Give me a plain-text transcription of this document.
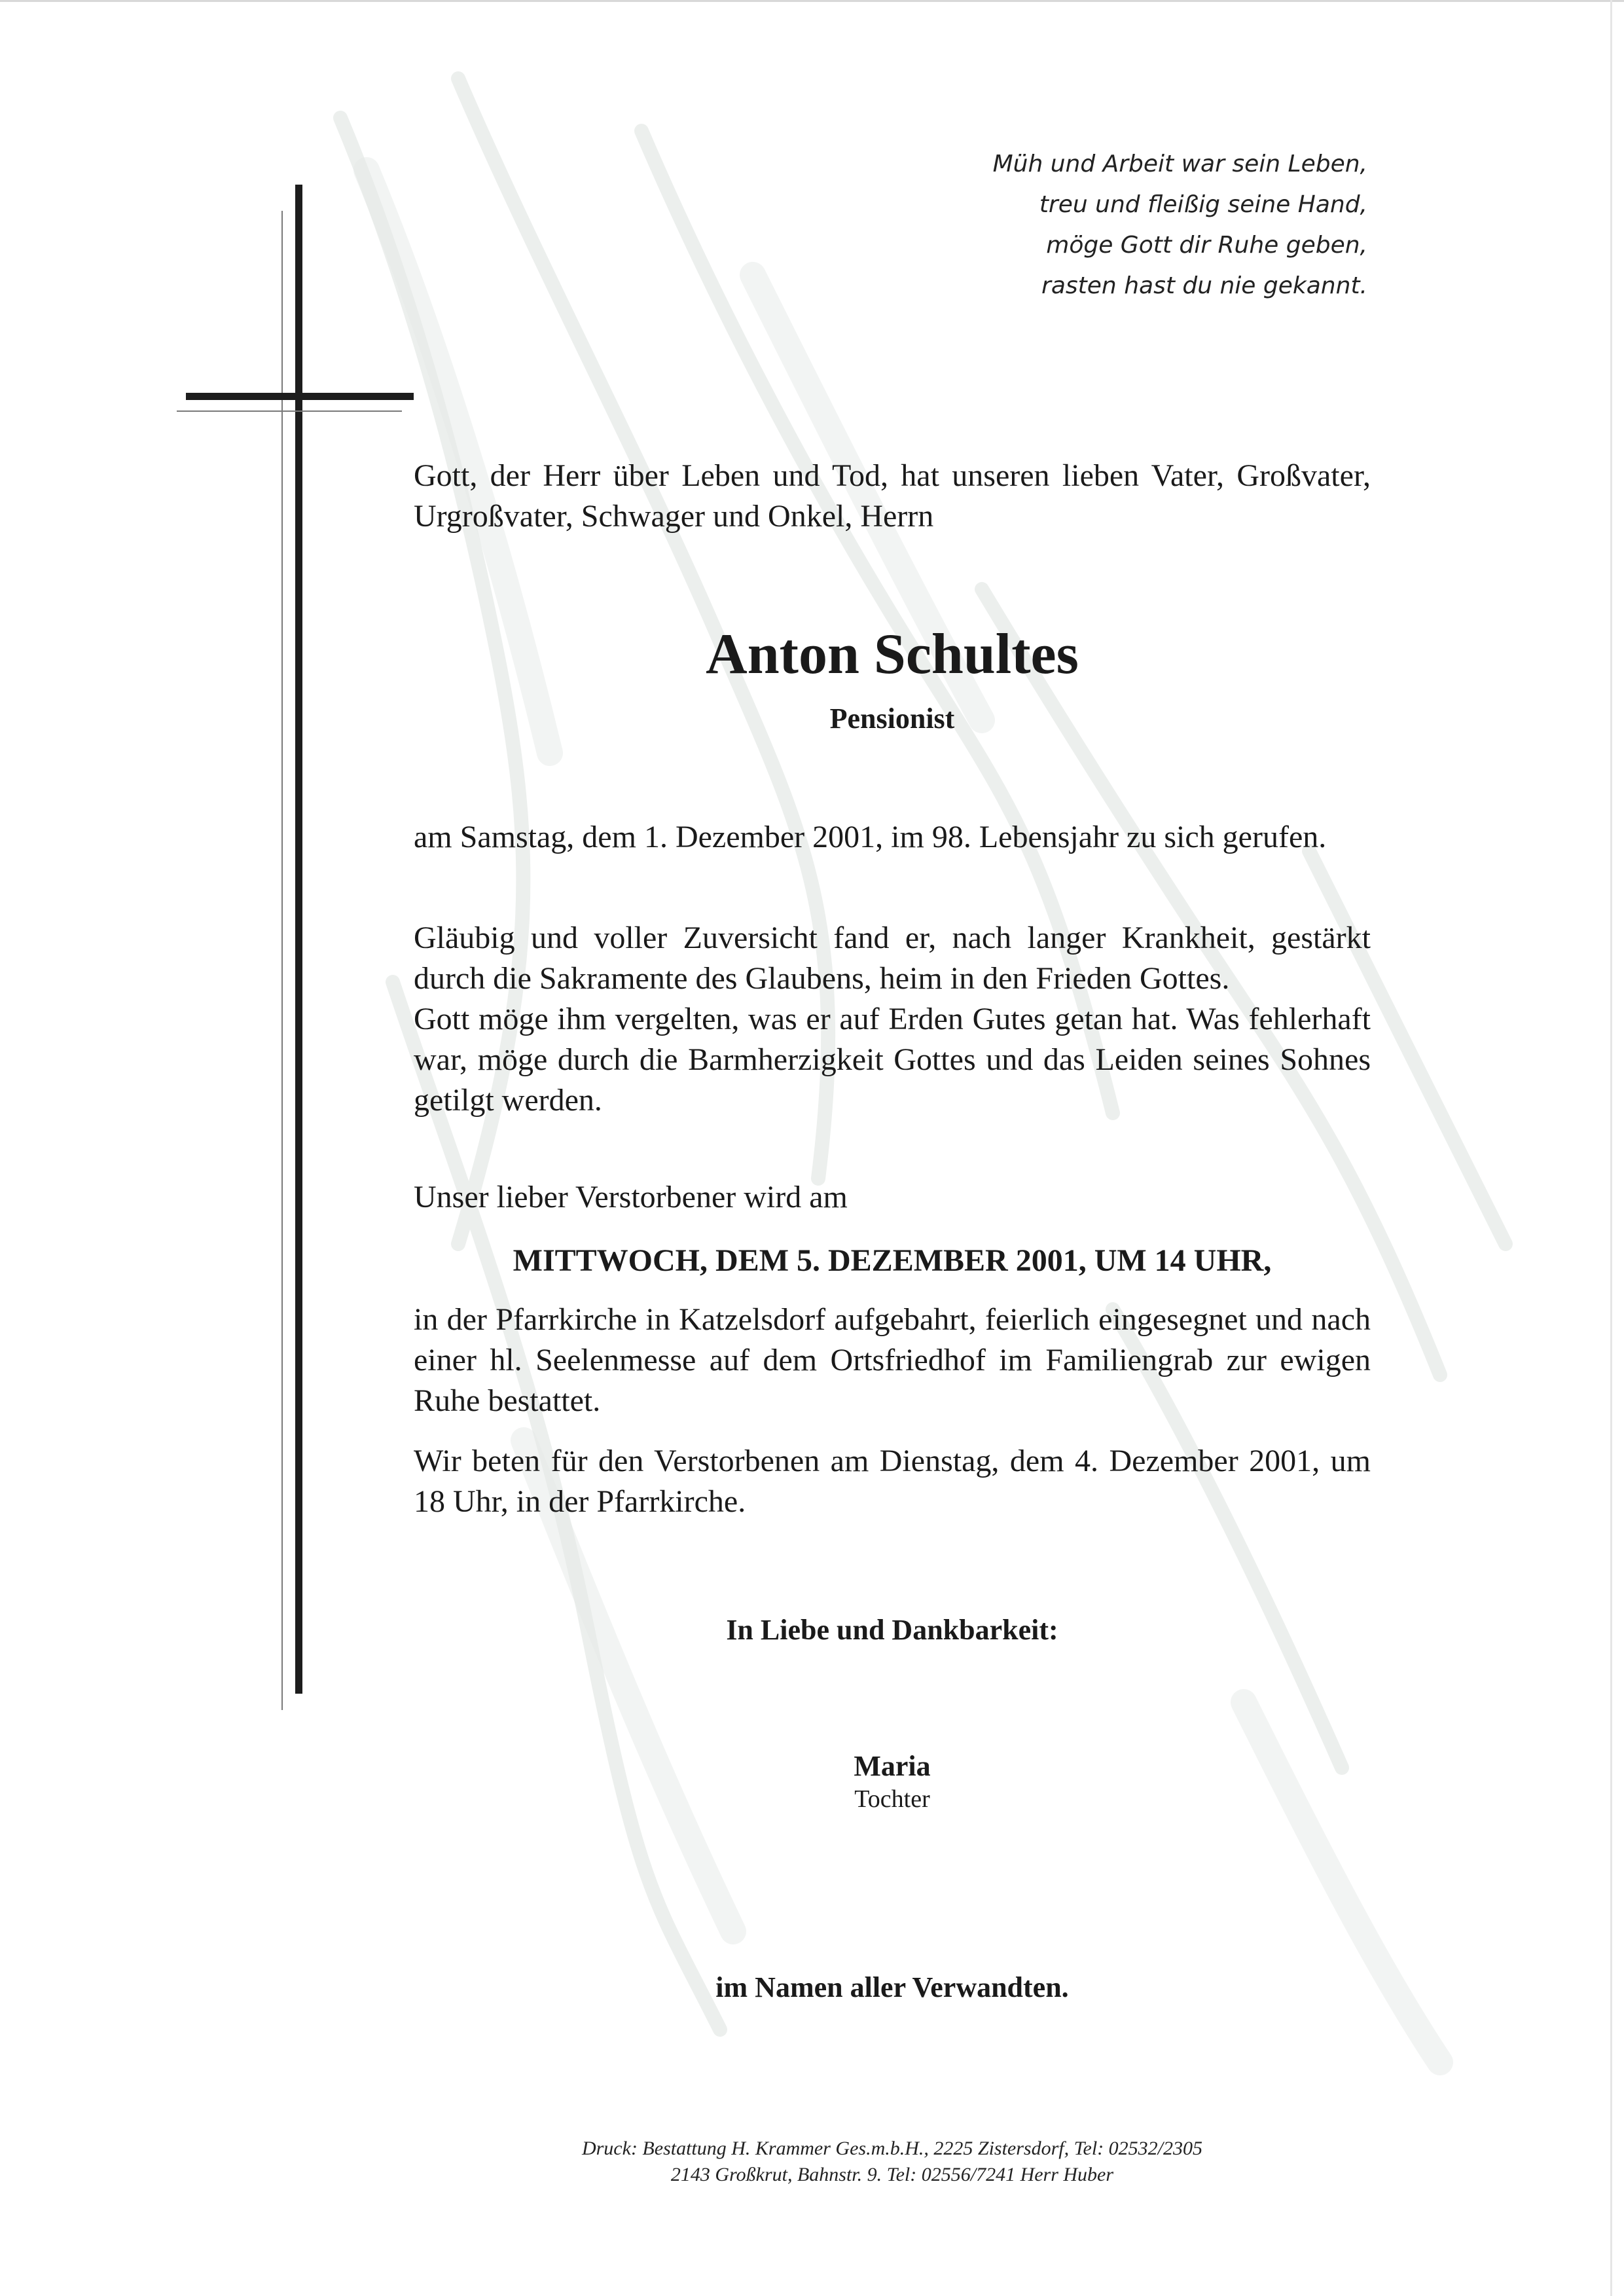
Müh und Arbeit war sein Leben,
treu und fleißig seine Hand,
möge Gott dir Ruhe geben,
rasten hast du nie gekannt.

Gott, der Herr über Leben und Tod, hat unseren lieben Vater, Großvater, Urgroßvater, Schwager und Onkel, Herrn

Anton Schultes
Pensionist

am Samstag, dem 1. Dezember 2001, im 98. Lebensjahr zu sich gerufen.

Gläubig und voller Zuversicht fand er, nach langer Krankheit, gestärkt durch die Sakramente des Glaubens, heim in den Frieden Gottes.

Gott möge ihm vergelten, was er auf Erden Gutes getan hat. Was fehlerhaft war, möge durch die Barmherzigkeit Gottes und das Leiden seines Sohnes getilgt werden.

Unser lieber Verstorbener wird am

MITTWOCH, DEM 5. DEZEMBER 2001, UM 14 UHR,

in der Pfarrkirche in Katzelsdorf aufgebahrt, feierlich eingesegnet und nach einer hl. Seelenmesse auf dem Ortsfriedhof im Familiengrab zur ewigen Ruhe bestattet.

Wir beten für den Verstorbenen am Dienstag, dem 4. Dezember 2001, um 18 Uhr, in der Pfarrkirche.

In Liebe und Dankbarkeit:
Maria
Tochter
im Namen aller Verwandten.
Druck: Bestattung H. Krammer Ges.m.b.H., 2225 Zistersdorf, Tel: 02532/2305
2143 Großkrut, Bahnstr. 9. Tel: 02556/7241 Herr Huber
